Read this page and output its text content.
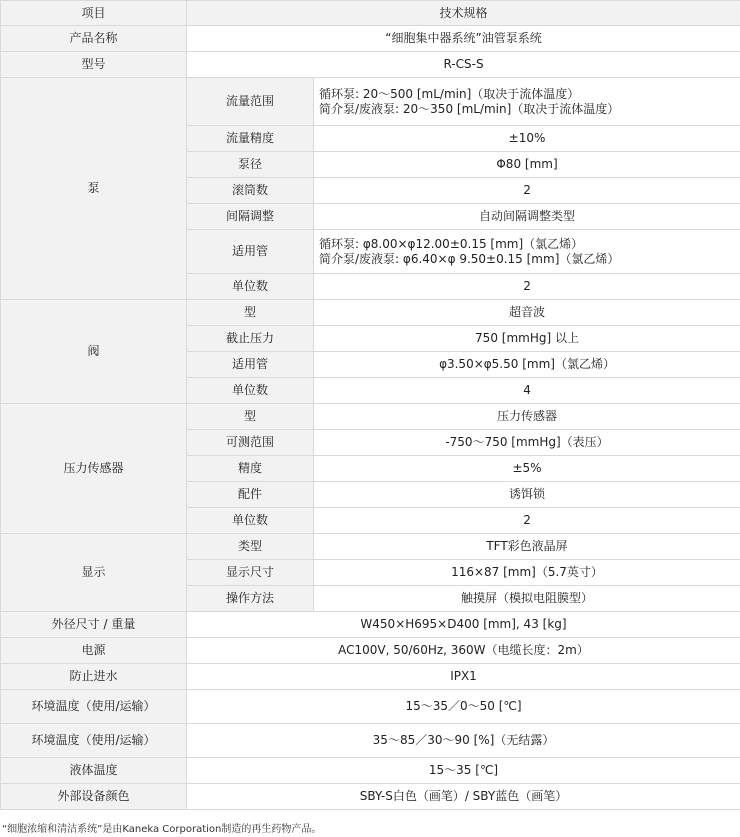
项目	技术规格	
产品名称	“细胞集中器系统”油管泵系统	
型号	R-CS-S	
泵	流量范围	循环泵: 20～500 [mL/min]（取决于流体温度）
简介泵/废液泵: 20～350 [mL/min]（取决于流体温度）

	流量精度	±10%
	泵径	Φ80 [mm]
	滚筒数	2
	间隔调整	自动间隔调整类型
	适用管	循环泵: φ8.00×φ12.00±0.15 [mm]（氯乙烯）
简介泵/废液泵: φ6.40×φ 9.50±0.15 [mm]（氯乙烯）

	单位数	2
阀	型	超音波
	截止压力	750 [mmHg] 以上
	适用管	φ3.50×φ5.50 [mm]（氯乙烯）
	单位数	4
压力传感器	型	压力传感器
	可测范围	-750～750 [mmHg]（表压）
	精度	±5%
	配件	诱饵锁
	单位数	2
显示	类型	TFT彩色液晶屏
	显示尺寸	116×87 [mm]（5.7英寸）
	操作方法	触摸屏（模拟电阻膜型）
外径尺寸 / 重量	W450×H695×D400 [mm], 43 [kg]	
电源	AC100V, 50/60Hz, 360W（电缆长度：2m）	
防止进水	IPX1	
环境温度（使用/运输）	15～35／0～50 [℃]	
环境温度（使用/运输）	35～85／30～90 [%]（无结露）	
液体温度	15～35 [℃]	
外部设备颜色	SBY-S白色（画笔）/ SBY蓝色（画笔）	
“细胞浓缩和清洁系统”是由Kaneka Corporation制造的再生药物产品。
